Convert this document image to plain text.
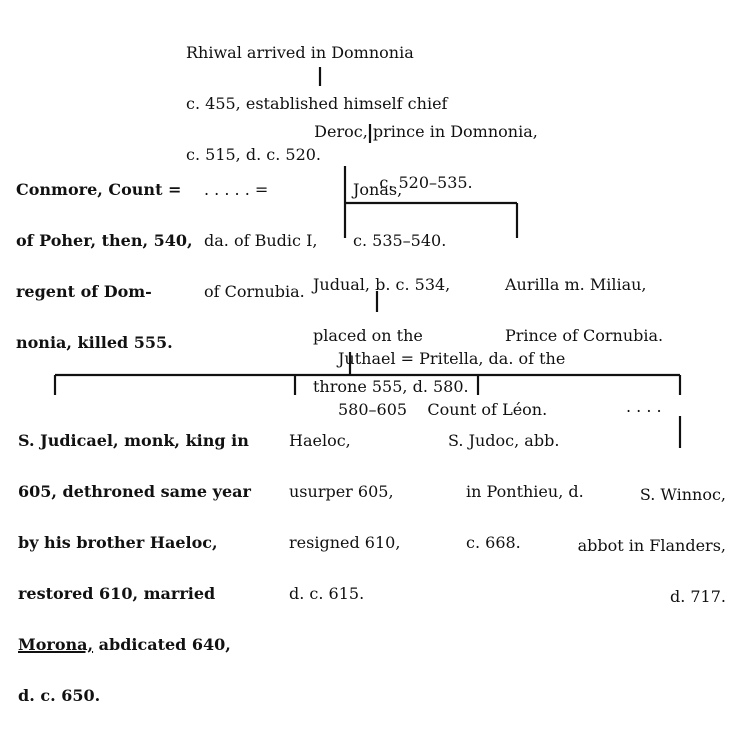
Rhiwal arrived in Domnonia

c. 455, established himself chief

c. 515, d. c. 520.

Deroc, prince in Domnonia,

c. 520–535.

Conmore, Count =

of Poher, then, 540,

regent of Dom-

nonia, killed 555.

. . . . . =

da. of Budic I,

of Cornubia.

Jonas,

c. 535–540.

Judual, b. c. 534,

placed on the

throne 555, d. 580.

Aurilla m. Miliau,

Prince of Cornubia.

Juthael = Pritella, da. of the

580–605    Count of Léon.

S. Judicael, monk, king in

605, dethroned same year

by his brother Haeloc,

restored 610, married

Morona, abdicated 640,

d. c. 650.

Haeloc,

usurper 605,

resigned 610,

d. c. 615.

S. Judoc, abb.

in Ponthieu, d.

c. 668.

. . . .

S. Winnoc,

abbot in Flanders,

d. 717.
